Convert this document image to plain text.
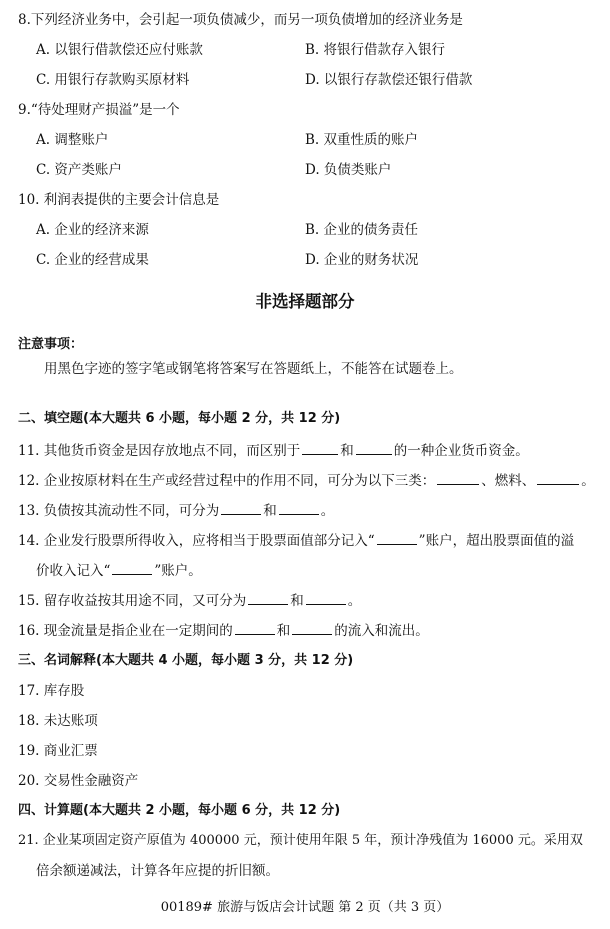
8.下列经济业务中，会引起一项负债减少，而另一项负债增加的经济业务是
A. 以银行借款偿还应付账款	B. 将银行借款存入银行
C. 用银行存款购买原材料	D. 以银行存款偿还银行借款
9.“待处理财产损溢”是一个
A. 调整账户	B. 双重性质的账户
C. 资产类账户	D. 负债类账户
10. 利润表提供的主要会计信息是
A. 企业的经济来源	B. 企业的债务责任
C. 企业的经营成果	D. 企业的财务状况
非选择题部分
注意事项：
用黑色字迹的签字笔或钢笔将答案写在答题纸上，不能答在试题卷上。
二、填空题(本大题共 6 小题，每小题 2 分，共 12 分)
11. 其他货币资金是因存放地点不同，而区别于	和	的一种企业货币资金。
12. 企业按原材料在生产或经营过程中的作用不同，可分为以下三类：	、燃料、	。
13. 负债按其流动性不同，可分为	和	。
14. 企业发行股票所得收入，应将相当于股票面值部分记入“	”账户，超出股票面值的溢
价收入记入“	”账户。
15. 留存收益按其用途不同，又可分为	和	。
16. 现金流量是指企业在一定期间的	和	的流入和流出。
三、名词解释(本大题共 4 小题，每小题 3 分，共 12 分)
17. 库存股
18. 未达账项
19. 商业汇票
20. 交易性金融资产
四、计算题(本大题共 2 小题，每小题 6 分，共 12 分)
21. 企业某项固定资产原值为 400000 元，预计使用年限 5 年，预计净残值为 16000 元。采用双
倍余额递减法，计算各年应提的折旧额。
00189# 旅游与饭店会计试题 第 2 页（共 3 页）
